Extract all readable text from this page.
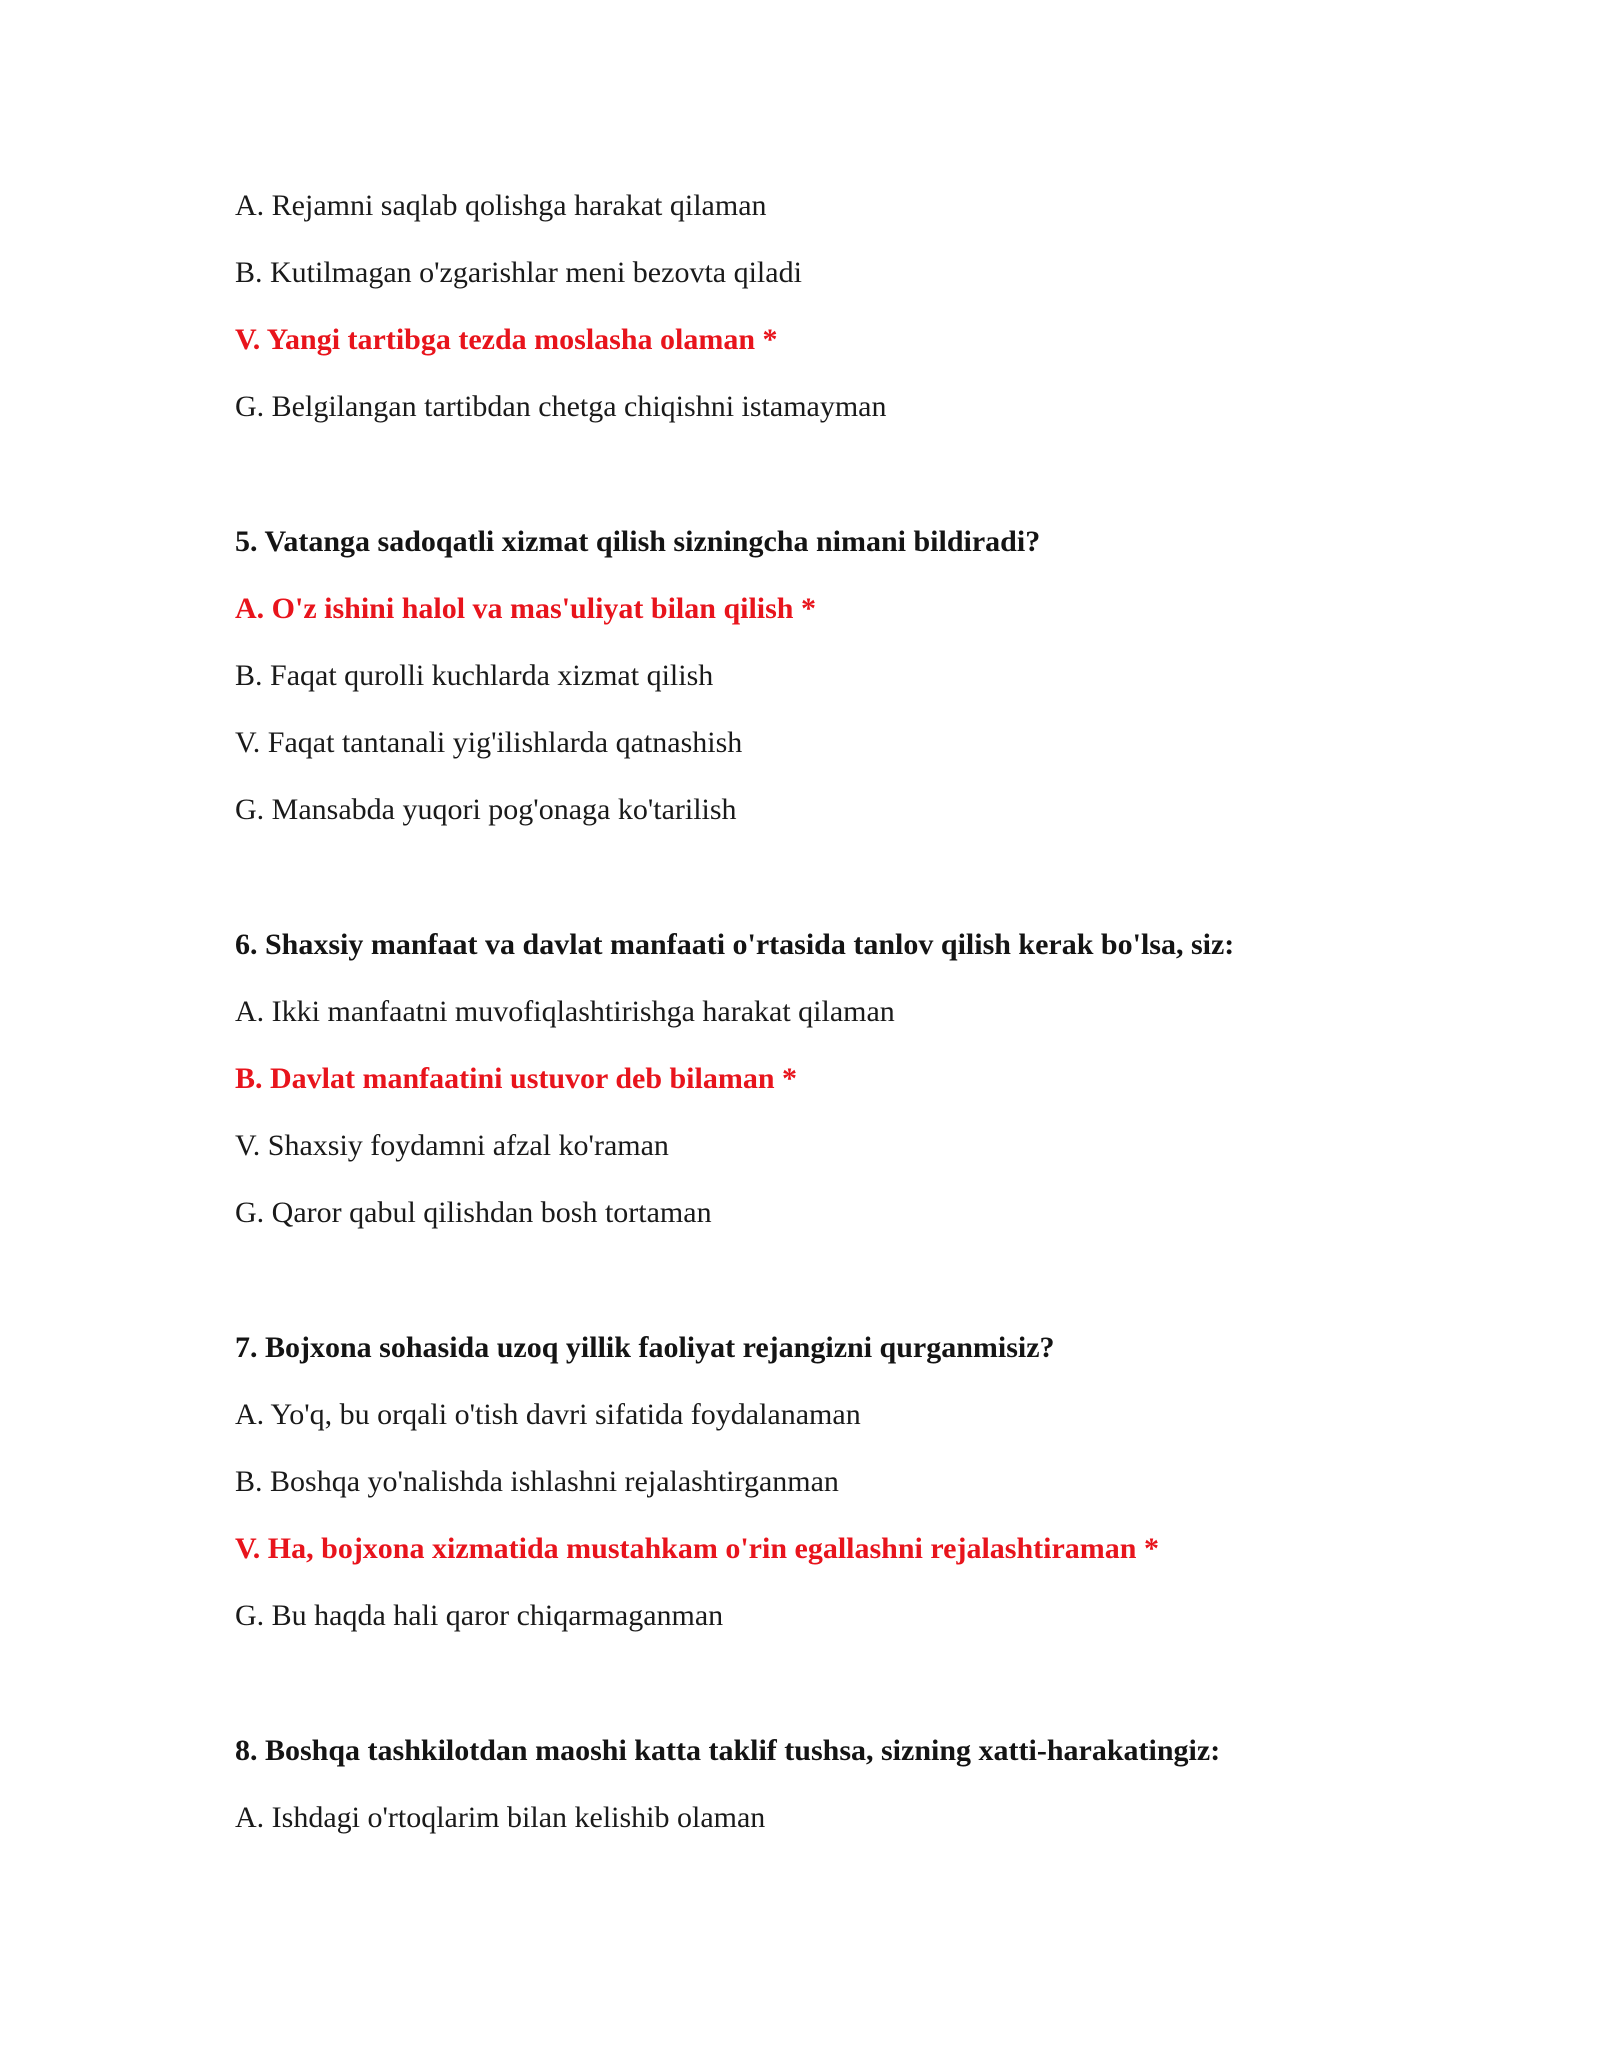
A. Rejamni saqlab qolishga harakat qilaman
B. Kutilmagan o'zgarishlar meni bezovta qiladi
V. Yangi tartibga tezda moslasha olaman *
G. Belgilangan tartibdan chetga chiqishni istamayman
5. Vatanga sadoqatli xizmat qilish sizningcha nimani bildiradi?
A. O'z ishini halol va mas'uliyat bilan qilish *
B. Faqat qurolli kuchlarda xizmat qilish
V. Faqat tantanali yig'ilishlarda qatnashish
G. Mansabda yuqori pog'onaga ko'tarilish
6. Shaxsiy manfaat va davlat manfaati o'rtasida tanlov qilish kerak bo'lsa, siz:
A. Ikki manfaatni muvofiqlashtirishga harakat qilaman
B. Davlat manfaatini ustuvor deb bilaman *
V. Shaxsiy foydamni afzal ko'raman
G. Qaror qabul qilishdan bosh tortaman
7. Bojxona sohasida uzoq yillik faoliyat rejangizni qurganmisiz?
A. Yo'q, bu orqali o'tish davri sifatida foydalanaman
B. Boshqa yo'nalishda ishlashni rejalashtirganman
V. Ha, bojxona xizmatida mustahkam o'rin egallashni rejalashtiraman *
G. Bu haqda hali qaror chiqarmaganman
8. Boshqa tashkilotdan maoshi katta taklif tushsa, sizning xatti-harakatingiz:
A. Ishdagi o'rtoqlarim bilan kelishib olaman
